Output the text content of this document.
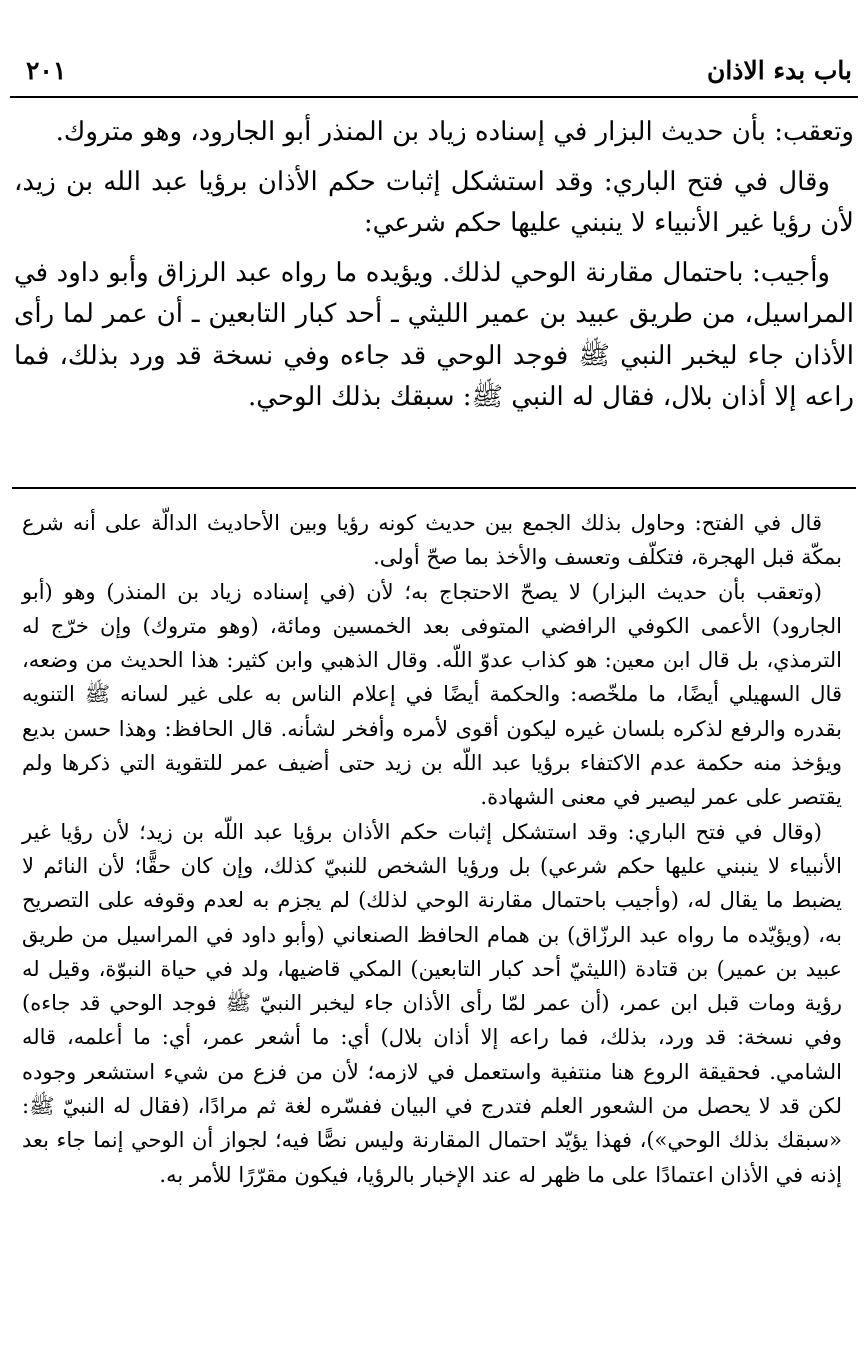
باب بدء الاذان
٢٠١

وتعقب: بأن حديث البزار في إسناده زياد بن المنذر أبو الجارود، وهو متروك.

وقال في فتح الباري: وقد استشكل إثبات حكم الأذان برؤيا عبد الله بن زيد، لأن رؤيا غير الأنبياء لا ينبني عليها حكم شرعي:

وأجيب: باحتمال مقارنة الوحي لذلك. ويؤيده ما رواه عبد الرزاق وأبو داود في المراسيل، من طريق عبيد بن عمير الليثي ـ أحد كبار التابعين ـ أن عمر لما رأى الأذان جاء ليخبر النبي ﷺ فوجد الوحي قد جاءه وفي نسخة قد ورد بذلك، فما راعه إلا أذان بلال، فقال له النبي ﷺ: سبقك بذلك الوحي.

قال في الفتح: وحاول بذلك الجمع بين حديث كونه رؤيا وبين الأحاديث الدالّة على أنه شرع بمكّة قبل الهجرة، فتكلّف وتعسف والأخذ بما صحّ أولى.

(وتعقب بأن حديث البزار) لا يصحّ الاحتجاج به؛ لأن (في إسناده زياد بن المنذر) وهو (أبو الجارود) الأعمى الكوفي الرافضي المتوفى بعد الخمسين ومائة، (وهو متروك) وإن خرّج له الترمذي، بل قال ابن معين: هو كذاب عدوّ اللّه. وقال الذهبي وابن كثير: هذا الحديث من وضعه، قال السهيلي أيضًا، ما ملخّصه: والحكمة أيضًا في إعلام الناس به على غير لسانه ﷺ التنويه بقدره والرفع لذكره بلسان غيره ليكون أقوى لأمره وأفخر لشأنه. قال الحافظ: وهذا حسن بديع ويؤخذ منه حكمة عدم الاكتفاء برؤيا عبد اللّه بن زيد حتى أضيف عمر للتقوية التي ذكرها ولم يقتصر على عمر ليصير في معنى الشهادة.

(وقال في فتح الباري: وقد استشكل إثبات حكم الأذان برؤيا عبد اللّه بن زيد؛ لأن رؤيا غير الأنبياء لا ينبني عليها حكم شرعي) بل ورؤيا الشخص للنبيّ كذلك، وإن كان حقًّا؛ لأن النائم لا يضبط ما يقال له، (وأجيب باحتمال مقارنة الوحي لذلك) لم يجزم به لعدم وقوفه على التصريح به، (ويؤيّده ما رواه عبد الرزّاق) بن همام الحافظ الصنعاني (وأبو داود في المراسيل من طريق عبيد بن عمير) بن قتادة (الليثيّ أحد كبار التابعين) المكي قاضيها، ولد في حياة النبوّة، وقيل له رؤية ومات قبل ابن عمر، (أن عمر لمّا رأى الأذان جاء ليخبر النبيّ ﷺ فوجد الوحي قد جاءه) وفي نسخة: قد ورد، بذلك، فما راعه إلا أذان بلال) أي: ما أشعر عمر، أي: ما أعلمه، قاله الشامي. فحقيقة الروع هنا منتفية واستعمل في لازمه؛ لأن من فزع من شيء استشعر وجوده لكن قد لا يحصل من الشعور العلم فتدرج في البيان ففسّره لغة ثم مرادًا، (فقال له النبيّ ﷺ: «سبقك بذلك الوحي»)، فهذا يؤيّد احتمال المقارنة وليس نصًّا فيه؛ لجواز أن الوحي إنما جاء بعد إذنه في الأذان اعتمادًا على ما ظهر له عند الإخبار بالرؤيا، فيكون مقرّرًا للأمر به.
